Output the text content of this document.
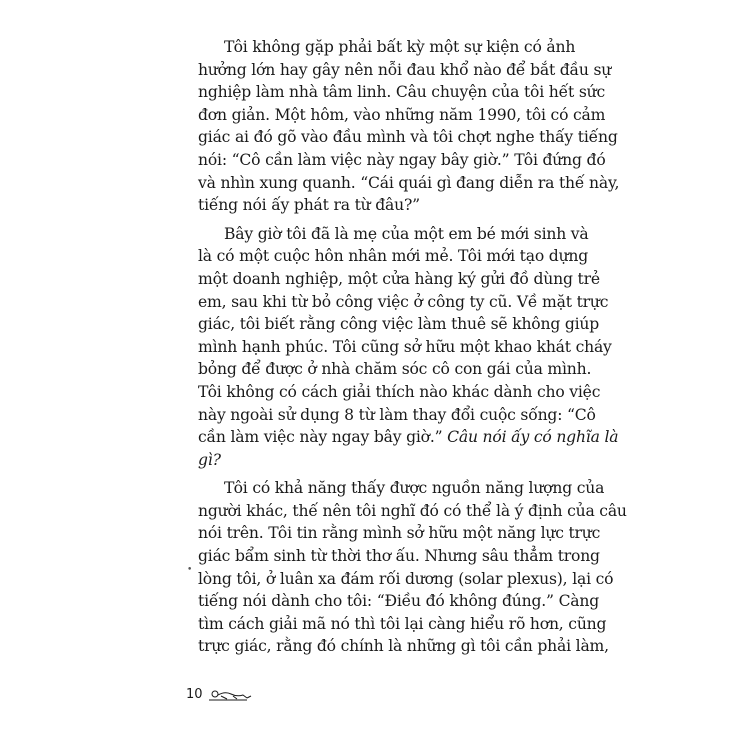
Tôi không gặp phải bất kỳ một sự kiện có ảnh
hưởng lớn hay gây nên nỗi đau khổ nào để bắt đầu sự
nghiệp làm nhà tâm linh. Câu chuyện của tôi hết sức
đơn giản. Một hôm, vào những năm 1990, tôi có cảm
giác ai đó gõ vào đầu mình và tôi chợt nghe thấy tiếng
nói: “Cô cần làm việc này ngay bây giờ.” Tôi đứng đó
và nhìn xung quanh. “Cái quái gì đang diễn ra thế này,
tiếng nói ấy phát ra từ đâu?”
Bây giờ tôi đã là mẹ của một em bé mới sinh và
là có một cuộc hôn nhân mới mẻ. Tôi mới tạo dựng
một doanh nghiệp, một cửa hàng ký gửi đồ dùng trẻ
em, sau khi từ bỏ công việc ở công ty cũ. Về mặt trực
giác, tôi biết rằng công việc làm thuê sẽ không giúp
mình hạnh phúc. Tôi cũng sở hữu một khao khát cháy
bỏng để được ở nhà chăm sóc cô con gái của mình.
Tôi không có cách giải thích nào khác dành cho việc
này ngoài sử dụng 8 từ làm thay đổi cuộc sống: “Cô
cần làm việc này ngay bây giờ.” Câu nói ấy có nghĩa là
gì?
Tôi có khả năng thấy được nguồn năng lượng của
người khác, thế nên tôi nghĩ đó có thể là ý định của câu
nói trên. Tôi tin rằng mình sở hữu một năng lực trực
giác bẩm sinh từ thời thơ ấu. Nhưng sâu thẳm trong
lòng tôi, ở luân xa đám rối dương (solar plexus), lại có
tiếng nói dành cho tôi: “Điều đó không đúng.” Càng
tìm cách giải mã nó thì tôi lại càng hiểu rõ hơn, cũng
trực giác, rằng đó chính là những gì tôi cần phải làm,
•
10
